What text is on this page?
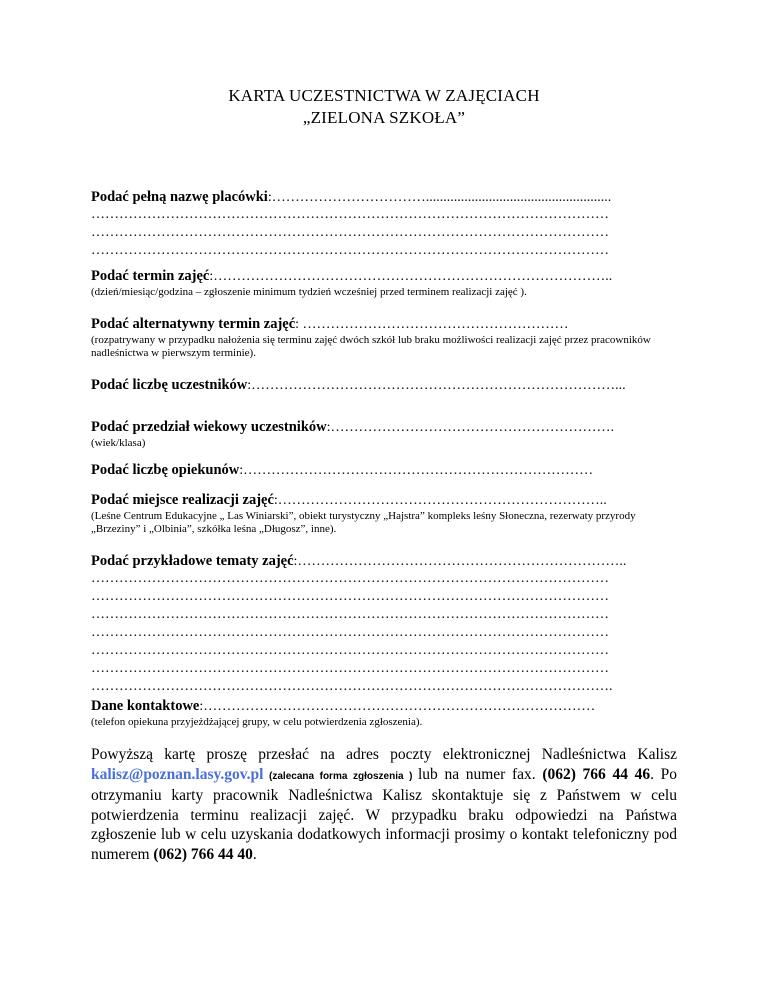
KARTA UCZESTNICTWA W ZAJĘCIACH
„ZIELONA SZKOŁA”
Podać pełną nazwę placówki:…………………………….....................................................
…………………………………………………………………………………………………
…………………………………………………………………………………………………
…………………………………………………………………………………………………
Podać termin zajęć:…………………………………………………………………………..
(dzień/miesiąc/godzina – zgłoszenie minimum tydzień wcześniej przed terminem realizacji zajęć ).
Podać alternatywny termin zajęć: …………………………………………………
(rozpatrywany w przypadku nałożenia się terminu zajęć dwóch szkół lub braku możliwości realizacji zajęć przez pracowników nadleśnictwa w pierwszym terminie).
Podać liczbę uczestników:……………………………………………………………………...
Podać przedział wiekowy uczestników:…………………………………………………….
(wiek/klasa)
Podać liczbę opiekunów:…………………………………………………………………
Podać miejsce realizacji zajęć:……………………………………………………………..
(Leśne Centrum Edukacyjne „ Las Winiarski”, obiekt turystyczny „Hajstra” kompleks leśny Słoneczna, rezerwaty przyrody „Brzeziny” i „Olbinia”, szkółka leśna „Długosz”, inne).
Podać przykładowe tematy zajęć:……………………………………………………………..
…………………………………………………………………………………………………
…………………………………………………………………………………………………
…………………………………………………………………………………………………
…………………………………………………………………………………………………
…………………………………………………………………………………………………
…………………………………………………………………………………………………
………………………………………………………………………………………………….
Dane kontaktowe:…………………………………………………………………………
(telefon opiekuna przyjeżdżającej grupy, w celu potwierdzenia zgłoszenia).
Powyższą kartę proszę przesłać na adres poczty elektronicznej Nadleśnictwa Kalisz kalisz@poznan.lasy.gov.pl (zalecana forma zgłoszenia ) lub na numer fax. (062) 766 44 46. Po otrzymaniu karty pracownik Nadleśnictwa Kalisz skontaktuje się z Państwem w celu potwierdzenia terminu realizacji zajęć. W przypadku braku odpowiedzi na Państwa zgłoszenie lub w celu uzyskania dodatkowych informacji prosimy o kontakt telefoniczny pod numerem (062) 766 44 40.
